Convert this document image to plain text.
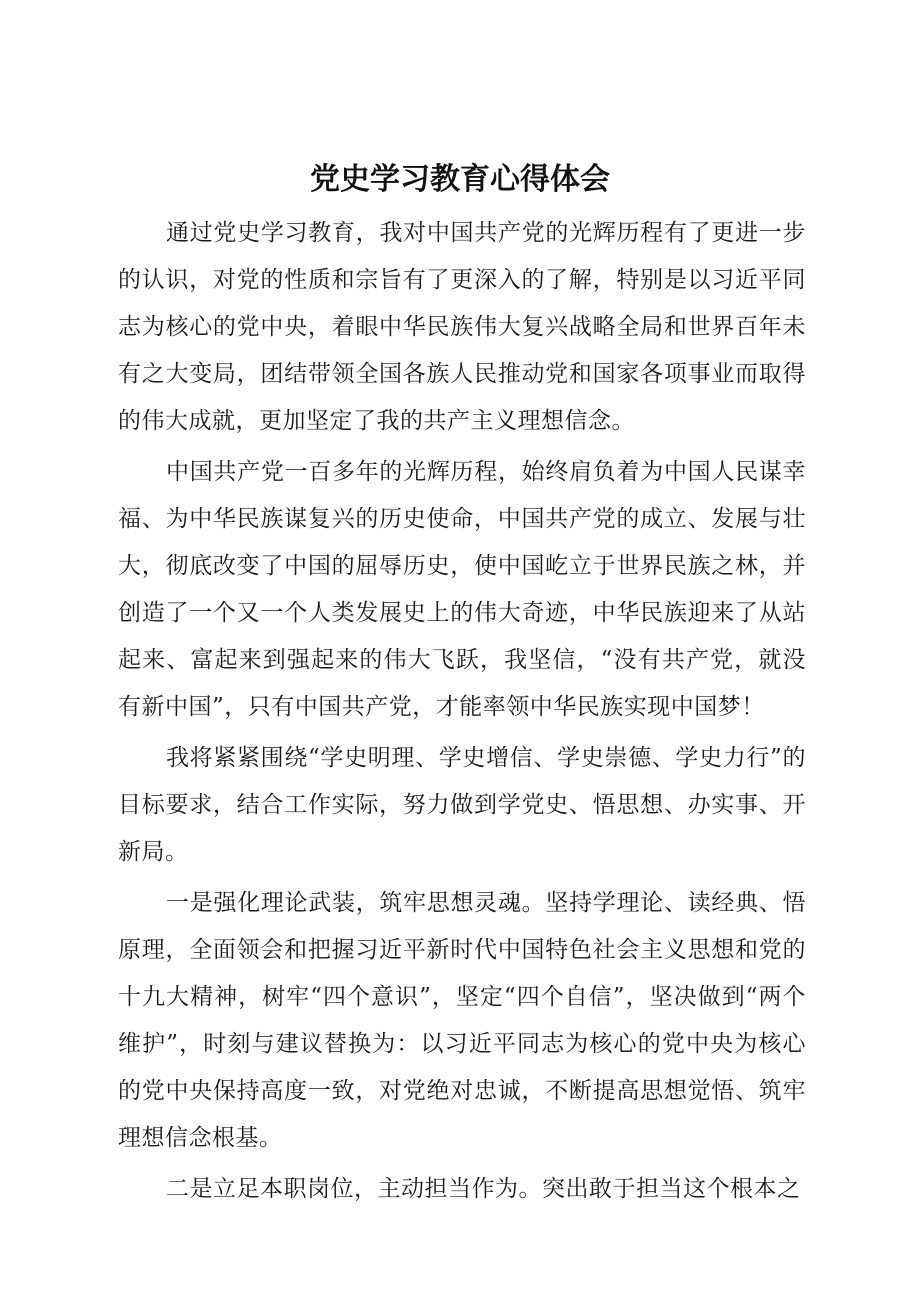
党史学习教育心得体会

通过党史学习教育，我对中国共产党的光辉历程有了更进一步的认识，对党的性质和宗旨有了更深入的了解，特别是以习近平同志为核心的党中央，着眼中华民族伟大复兴战略全局和世界百年未有之大变局，团结带领全国各族人民推动党和国家各项事业而取得的伟大成就，更加坚定了我的共产主义理想信念。

中国共产党一百多年的光辉历程，始终肩负着为中国人民谋幸福、为中华民族谋复兴的历史使命，中国共产党的成立、发展与壮大，彻底改变了中国的屈辱历史，使中国屹立于世界民族之林，并创造了一个又一个人类发展史上的伟大奇迹，中华民族迎来了从站起来、富起来到强起来的伟大飞跃，我坚信，“没有共产党，就没有新中国”，只有中国共产党，才能率领中华民族实现中国梦！

我将紧紧围绕“学史明理、学史增信、学史崇德、学史力行”的目标要求，结合工作实际，努力做到学党史、悟思想、办实事、开新局。

一是强化理论武装，筑牢思想灵魂。坚持学理论、读经典、悟原理，全面领会和把握习近平新时代中国特色社会主义思想和党的十九大精神，树牢“四个意识”，坚定“四个自信”，坚决做到“两个维护”，时刻与建议替换为：以习近平同志为核心的党中央为核心的党中央保持高度一致，对党绝对忠诚，不断提高思想觉悟、筑牢理想信念根基。

二是立足本职岗位，主动担当作为。突出敢于担当这个根本之
